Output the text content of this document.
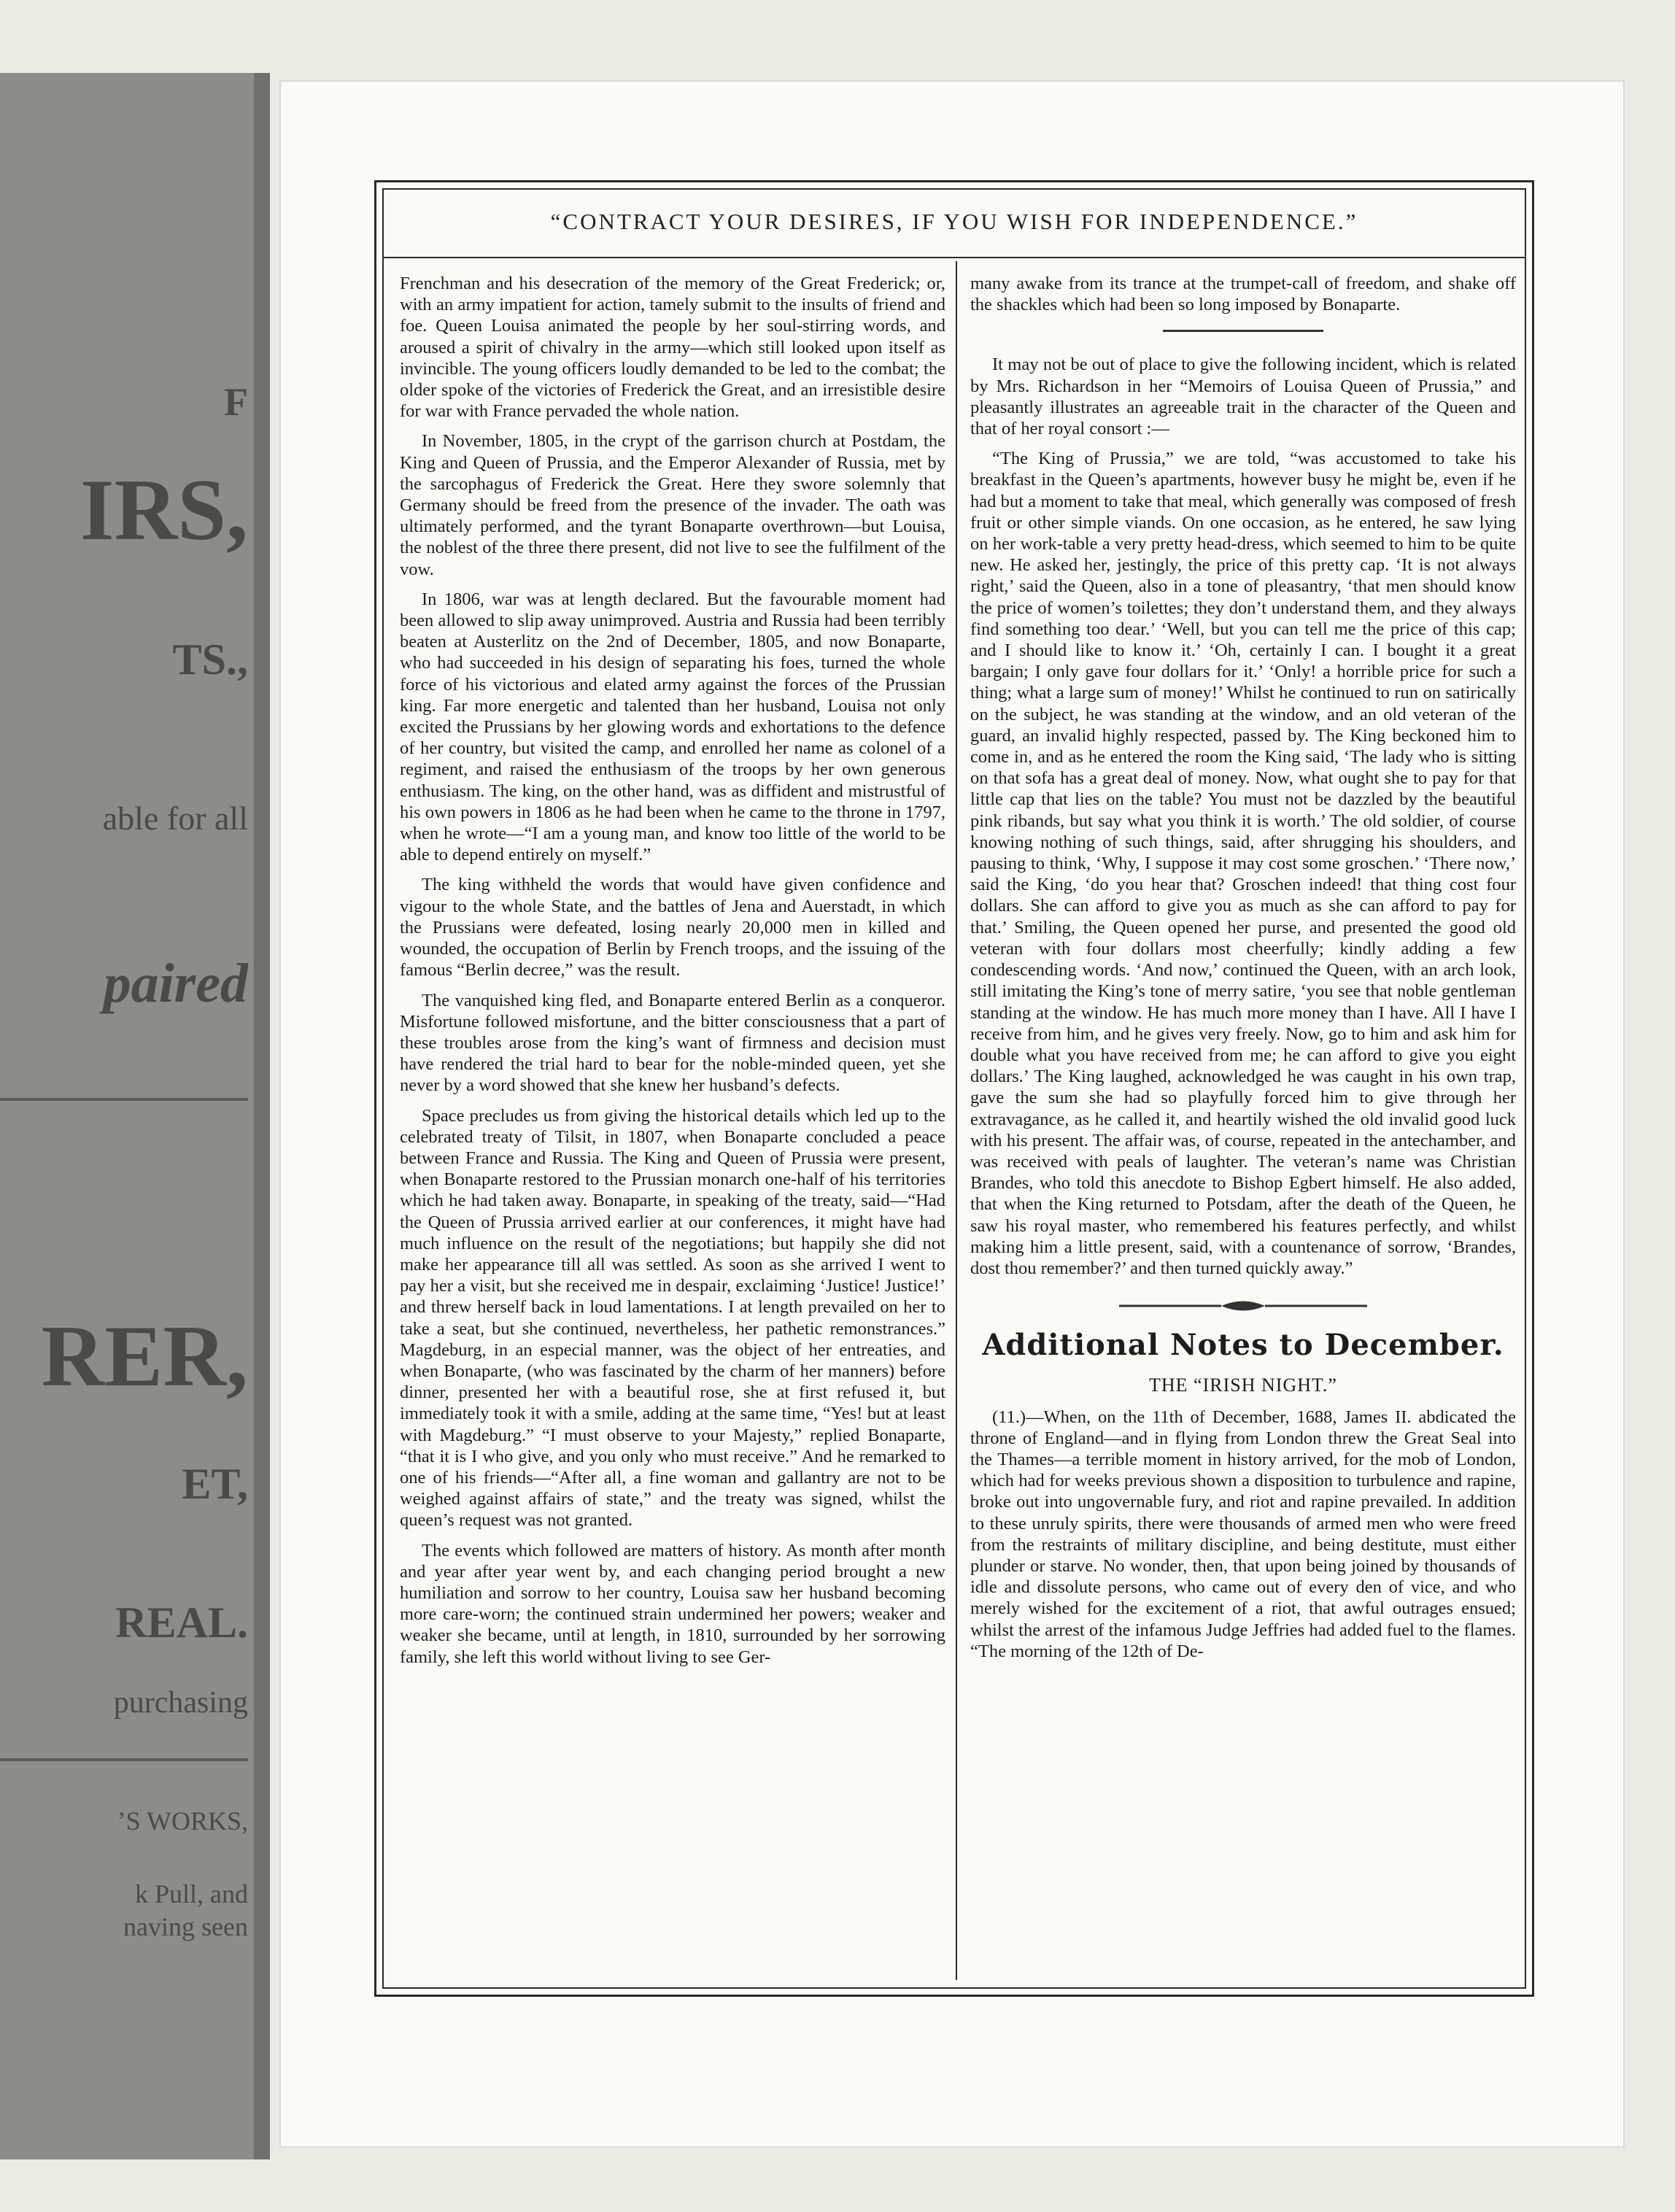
F
IRS,
TS.,
able for all
paired
RER,
ET,
REAL.
purchasing
’S WORKS,
k Pull, and
naving seen
“CONTRACT YOUR DESIRES, IF YOU WISH FOR INDEPENDENCE.”

Frenchman and his desecration of the memory of the Great Frederick; or, with an army impatient for action, tamely submit to the insults of friend and foe. Queen Louisa animated the people by her soul-stirring words, and aroused a spirit of chivalry in the army—which still looked upon itself as invincible. The young officers loudly demanded to be led to the combat; the older spoke of the victories of Frederick the Great, and an irresistible desire for war with France pervaded the whole nation.

In November, 1805, in the crypt of the garrison church at Postdam, the King and Queen of Prussia, and the Emperor Alexander of Russia, met by the sarcophagus of Frederick the Great. Here they swore solemnly that Germany should be freed from the presence of the invader. The oath was ultimately performed, and the tyrant Bonaparte overthrown—but Louisa, the noblest of the three there present, did not live to see the fulfilment of the vow.

In 1806, war was at length declared. But the favourable moment had been allowed to slip away unimproved. Austria and Russia had been terribly beaten at Austerlitz on the 2nd of December, 1805, and now Bonaparte, who had succeeded in his design of separating his foes, turned the whole force of his victorious and elated army against the forces of the Prussian king. Far more energetic and talented than her husband, Louisa not only excited the Prussians by her glowing words and exhortations to the defence of her country, but visited the camp, and enrolled her name as colonel of a regiment, and raised the enthusiasm of the troops by her own generous enthusiasm. The king, on the other hand, was as diffident and mistrustful of his own powers in 1806 as he had been when he came to the throne in 1797, when he wrote—“I am a young man, and know too little of the world to be able to depend entirely on myself.”

The king withheld the words that would have given confidence and vigour to the whole State, and the battles of Jena and Auerstadt, in which the Prussians were defeated, losing nearly 20,000 men in killed and wounded, the occupation of Berlin by French troops, and the issuing of the famous “Berlin decree,” was the result.

The vanquished king fled, and Bonaparte entered Berlin as a conqueror. Misfortune followed misfortune, and the bitter consciousness that a part of these troubles arose from the king’s want of firmness and decision must have rendered the trial hard to bear for the noble-minded queen, yet she never by a word showed that she knew her husband’s defects.

Space precludes us from giving the historical details which led up to the celebrated treaty of Tilsit, in 1807, when Bonaparte concluded a peace between France and Russia. The King and Queen of Prussia were present, when Bonaparte restored to the Prussian monarch one-half of his territories which he had taken away. Bonaparte, in speaking of the treaty, said—“Had the Queen of Prussia arrived earlier at our conferences, it might have had much influence on the result of the negotiations; but happily she did not make her appearance till all was settled. As soon as she arrived I went to pay her a visit, but she received me in despair, exclaiming ‘Justice! Justice!’ and threw herself back in loud lamentations. I at length prevailed on her to take a seat, but she continued, nevertheless, her pathetic remonstrances.” Magdeburg, in an especial manner, was the object of her entreaties, and when Bonaparte, (who was fascinated by the charm of her manners) before dinner, presented her with a beautiful rose, she at first refused it, but immediately took it with a smile, adding at the same time, “Yes! but at least with Magdeburg.” “I must observe to your Majesty,” replied Bonaparte, “that it is I who give, and you only who must receive.” And he remarked to one of his friends—“After all, a fine woman and gallantry are not to be weighed against affairs of state,” and the treaty was signed, whilst the queen’s request was not granted.

The events which followed are matters of history. As month after month and year after year went by, and each changing period brought a new humiliation and sorrow to her country, Louisa saw her husband becoming more care-worn; the continued strain undermined her powers; weaker and weaker she became, until at length, in 1810, surrounded by her sorrowing family, she left this world without living to see Ger-

many awake from its trance at the trumpet-call of freedom, and shake off the shackles which had been so long imposed by Bonaparte.

It may not be out of place to give the following incident, which is related by Mrs. Richardson in her “Memoirs of Louisa Queen of Prussia,” and pleasantly illustrates an agreeable trait in the character of the Queen and that of her royal consort :—

“The King of Prussia,” we are told, “was accustomed to take his breakfast in the Queen’s apartments, however busy he might be, even if he had but a moment to take that meal, which generally was composed of fresh fruit or other simple viands. On one occasion, as he entered, he saw lying on her work-table a very pretty head-dress, which seemed to him to be quite new. He asked her, jestingly, the price of this pretty cap. ‘It is not always right,’ said the Queen, also in a tone of pleasantry, ‘that men should know the price of women’s toilettes; they don’t understand them, and they always find something too dear.’ ‘Well, but you can tell me the price of this cap; and I should like to know it.’ ‘Oh, certainly I can. I bought it a great bargain; I only gave four dollars for it.’ ‘Only! a horrible price for such a thing; what a large sum of money!’ Whilst he continued to run on satirically on the subject, he was standing at the window, and an old veteran of the guard, an invalid highly respected, passed by. The King beckoned him to come in, and as he entered the room the King said, ‘The lady who is sitting on that sofa has a great deal of money. Now, what ought she to pay for that little cap that lies on the table? You must not be dazzled by the beautiful pink ribands, but say what you think it is worth.’ The old soldier, of course knowing nothing of such things, said, after shrugging his shoulders, and pausing to think, ‘Why, I suppose it may cost some groschen.’ ‘There now,’ said the King, ‘do you hear that? Groschen indeed! that thing cost four dollars. She can afford to give you as much as she can afford to pay for that.’ Smiling, the Queen opened her purse, and presented the good old veteran with four dollars most cheerfully; kindly adding a few condescending words. ‘And now,’ continued the Queen, with an arch look, still imitating the King’s tone of merry satire, ‘you see that noble gentleman standing at the window. He has much more money than I have. All I have I receive from him, and he gives very freely. Now, go to him and ask him for double what you have received from me; he can afford to give you eight dollars.’ The King laughed, acknowledged he was caught in his own trap, gave the sum she had so playfully forced him to give through her extravagance, as he called it, and heartily wished the old invalid good luck with his present. The affair was, of course, repeated in the antechamber, and was received with peals of laughter. The veteran’s name was Christian Brandes, who told this anecdote to Bishop Egbert himself. He also added, that when the King returned to Potsdam, after the death of the Queen, he saw his royal master, who remembered his features perfectly, and whilst making him a little present, said, with a countenance of sorrow, ‘Brandes, dost thou remember?’ and then turned quickly away.”

Additional Notes to December.
THE “IRISH NIGHT.”

(11.)—When, on the 11th of December, 1688, James II. abdicated the throne of England—and in flying from London threw the Great Seal into the Thames—a terrible moment in history arrived, for the mob of London, which had for weeks previous shown a disposition to turbulence and rapine, broke out into ungovernable fury, and riot and rapine prevailed. In addition to these unruly spirits, there were thousands of armed men who were freed from the restraints of military discipline, and being destitute, must either plunder or starve. No wonder, then, that upon being joined by thousands of idle and dissolute persons, who came out of every den of vice, and who merely wished for the excitement of a riot, that awful outrages ensued; whilst the arrest of the infamous Judge Jeffries had added fuel to the flames. “The morning of the 12th of De-
